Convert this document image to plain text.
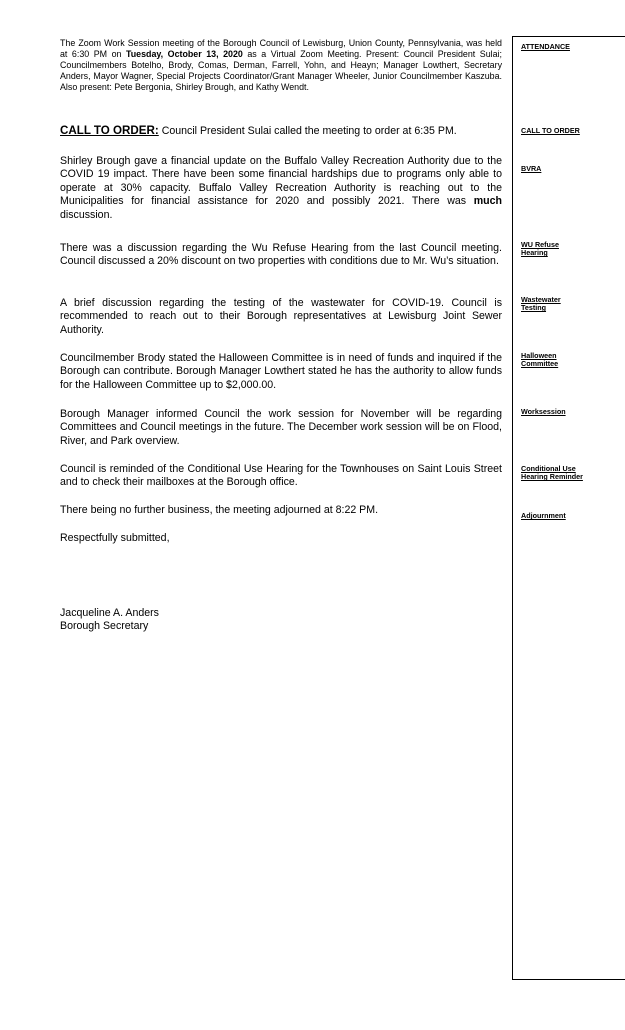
The Zoom Work Session meeting of the Borough Council of Lewisburg, Union County, Pennsylvania, was held at 6:30 PM on Tuesday, October 13, 2020 as a Virtual Zoom Meeting. Present: Council President Sulai; Councilmembers Botelho, Brody, Comas, Derman, Farrell, Yohn, and Heayn; Manager Lowthert, Secretary Anders, Mayor Wagner, Special Projects Coordinator/Grant Manager Wheeler, Junior Councilmember Kaszuba. Also present: Pete Bergonia, Shirley Brough, and Kathy Wendt.

CALL TO ORDER: Council President Sulai called the meeting to order at 6:35 PM.

Shirley Brough gave a financial update on the Buffalo Valley Recreation Authority due to the COVID 19 impact. There have been some financial hardships due to programs only able to operate at 30% capacity. Buffalo Valley Recreation Authority is reaching out to the Municipalities for financial assistance for 2020 and possibly 2021. There was much discussion.

There was a discussion regarding the Wu Refuse Hearing from the last Council meeting. Council discussed a 20% discount on two properties with conditions due to Mr. Wu’s situation.

A brief discussion regarding the testing of the wastewater for COVID-19. Council is recommended to reach out to their Borough representatives at Lewisburg Joint Sewer Authority.

Councilmember Brody stated the Halloween Committee is in need of funds and inquired if the Borough can contribute. Borough Manager Lowthert stated he has the authority to allow funds for the Halloween Committee up to $2,000.00.

Borough Manager informed Council the work session for November will be regarding Committees and Council meetings in the future. The December work session will be on Flood, River, and Park overview.

Council is reminded of the Conditional Use Hearing for the Townhouses on Saint Louis Street and to check their mailboxes at the Borough office.

There being no further business, the meeting adjourned at 8:22 PM.

Respectfully submitted,

Jacqueline A. Anders

Borough Secretary

ATTENDANCE
CALL TO ORDER
BVRA
WU Refuse Hearing
Wastewater Testing
Halloween Committee
Worksession
Conditional Use Hearing Reminder
Adjournment
